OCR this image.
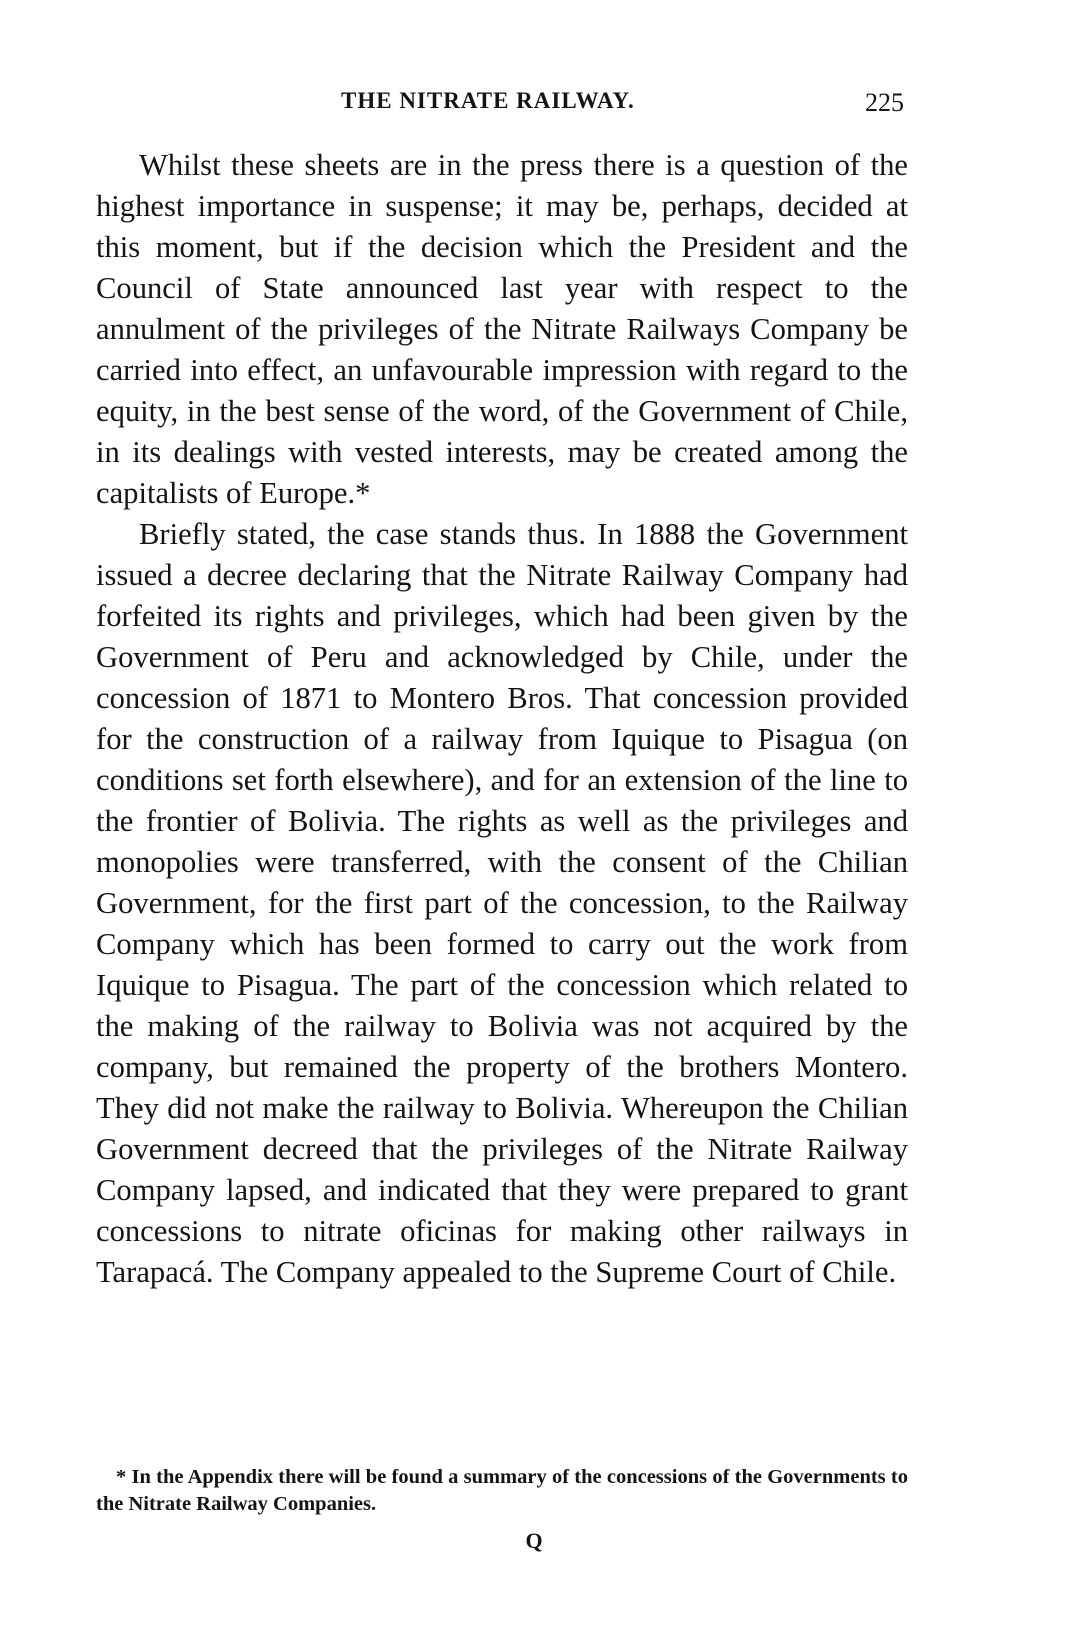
THE NITRATE RAILWAY.	225

Whilst these sheets are in the press there is a question of the highest importance in suspense; it may be, perhaps, decided at this moment, but if the decision which the President and the Council of State announced last year with respect to the annulment of the privileges of the Nitrate Railways Company be carried into effect, an unfavourable impression with regard to the equity, in the best sense of the word, of the Government of Chile, in its dealings with vested interests, may be created among the capitalists of Europe.*

Briefly stated, the case stands thus. In 1888 the Government issued a decree declaring that the Nitrate Railway Company had forfeited its rights and privileges, which had been given by the Government of Peru and acknowledged by Chile, under the concession of 1871 to Montero Bros. That concession provided for the construction of a railway from Iquique to Pisagua (on conditions set forth elsewhere), and for an extension of the line to the frontier of Bolivia. The rights as well as the privileges and monopolies were transferred, with the consent of the Chilian Government, for the first part of the concession, to the Railway Company which has been formed to carry out the work from Iquique to Pisagua. The part of the concession which related to the making of the railway to Bolivia was not acquired by the company, but remained the property of the brothers Montero. They did not make the railway to Bolivia. Whereupon the Chilian Government decreed that the privileges of the Nitrate Railway Company lapsed, and indicated that they were prepared to grant concessions to nitrate oficinas for making other railways in Tarapacá. The Company appealed to the Supreme Court of Chile.

* In the Appendix there will be found a summary of the concessions of the Governments to the Nitrate Railway Companies.
Q
